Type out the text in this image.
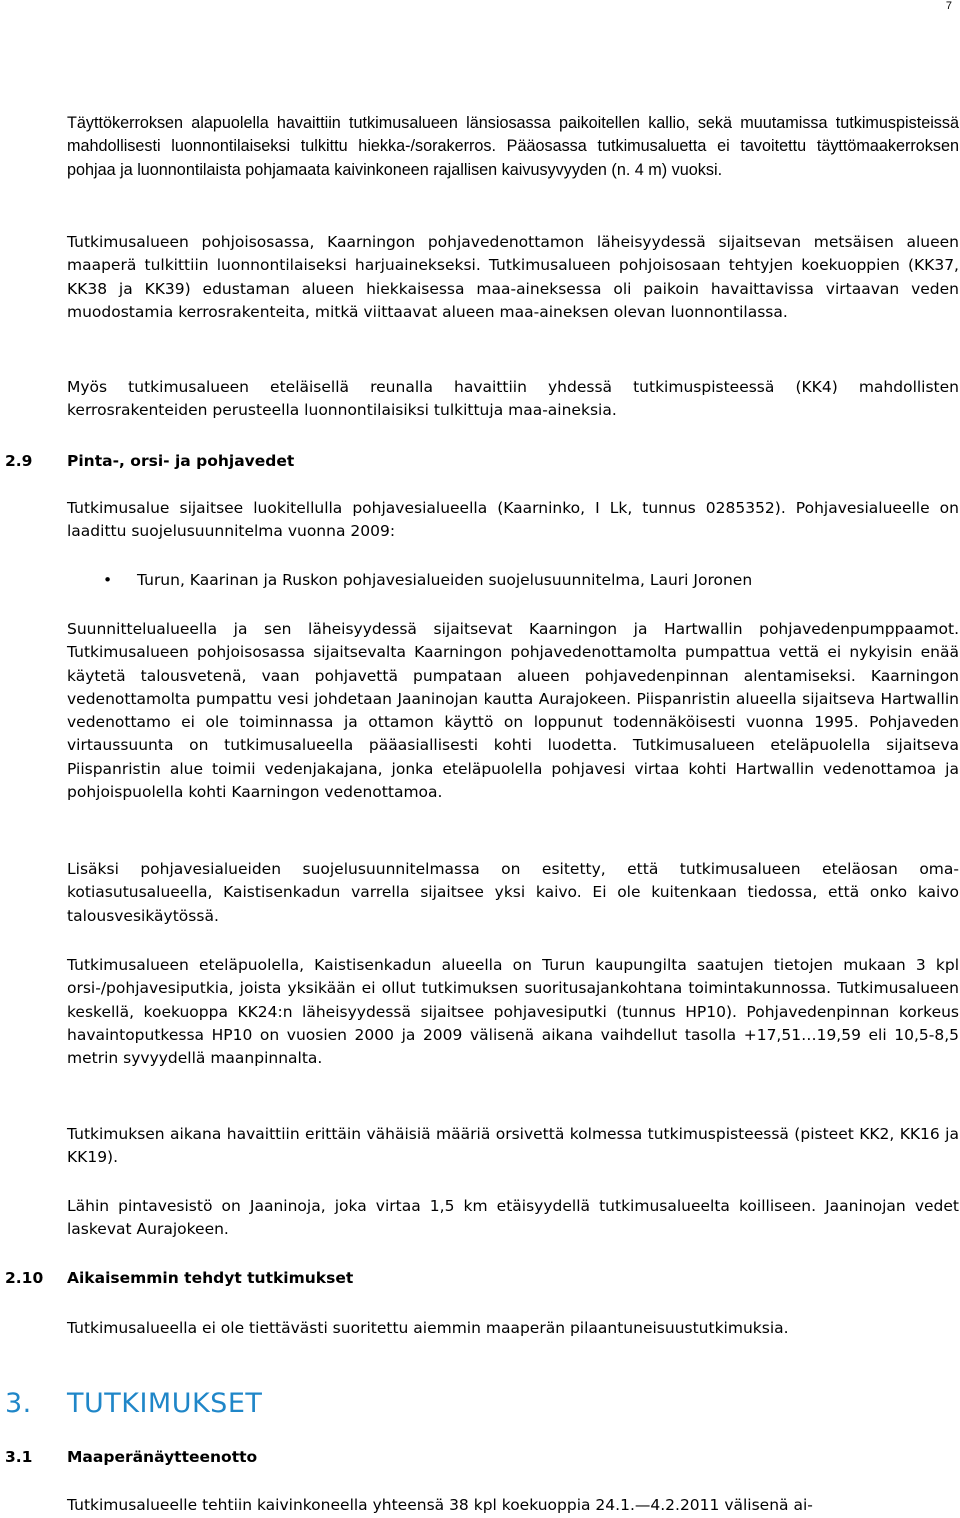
7

Täyttökerroksen alapuolella havaittiin tutkimusalueen länsiosassa paikoitellen kallio, sekä muutamissa tutkimuspisteissä mahdollisesti luonnontilaiseksi tulkittu hiekka-/sorakerros. Pääosassa tutkimusaluetta ei tavoitettu täyttömaakerroksen pohjaa ja luonnontilaista pohjamaata kaivinkoneen rajallisen kaivusyvyyden (n. 4 m) vuoksi.

Tutkimusalueen pohjoisosassa, Kaarningon pohjavedenottamon läheisyydessä sijaitsevan metsäisen alueen maaperä tulkittiin luonnontilaiseksi harjuainekseksi. Tutkimusalueen pohjoisosaan tehtyjen koekuoppien (KK37, KK38 ja KK39) edustaman alueen hiekkaisessa maa-aineksessa oli paikoin havaittavissa virtaavan veden muodostamia kerrosrakenteita, mitkä viittaavat alueen maa-aineksen olevan luonnontilassa.

Myös tutkimusalueen eteläisellä reunalla havaittiin yhdessä tutkimuspisteessä (KK4) mahdollisten kerrosrakenteiden perusteella luonnontilaisiksi tulkittuja maa-aineksia.

2.9	Pinta-, orsi- ja pohjavedet

Tutkimusalue sijaitsee luokitellulla pohjavesialueella (Kaarninko, I Lk, tunnus 0285352). Pohjavesialueelle on laadittu suojelusuunnitelma vuonna 2009:

•	Turun, Kaarinan ja Ruskon pohjavesialueiden suojelusuunnitelma, Lauri Joronen

Suunnittelualueella ja sen läheisyydessä sijaitsevat Kaarningon ja Hartwallin pohjavedenpumppaamot. Tutkimusalueen pohjoisosassa sijaitsevalta Kaarningon pohjavedenottamolta pumpattua vettä ei nykyisin enää käytetä talousvetenä, vaan pohjavettä pumpataan alueen pohjavedenpinnan alentamiseksi. Kaarningon vedenottamolta pumpattu vesi johdetaan Jaaninojan kautta Aurajokeen. Piispanristin alueella sijaitseva Hartwallin vedenottamo ei ole toiminnassa ja ottamon käyttö on loppunut todennäköisesti vuonna 1995. Pohjaveden virtaussuunta on tutkimusalueella pääasiallisesti kohti luodetta. Tutkimusalueen eteläpuolella sijaitseva Piispanristin alue toimii vedenjakajana, jonka eteläpuolella pohjavesi virtaa kohti Hartwallin vedenottamoa ja pohjoispuolella kohti Kaarningon vedenottamoa.

Lisäksi pohjavesialueiden suojelusuunnitelmassa on esitetty, että tutkimusalueen eteläosan omakotiasutusalueella, Kaistisenkadun varrella sijaitsee yksi kaivo. Ei ole kuitenkaan tiedossa, että onko kaivo talousvesikäytössä.

Tutkimusalueen eteläpuolella, Kaistisenkadun alueella on Turun kaupungilta saatujen tietojen mukaan 3 kpl orsi-/pohjavesiputkia, joista yksikään ei ollut tutkimuksen suoritusajankohtana toimintakunnossa. Tutkimusalueen keskellä, koekuoppa KK24:n läheisyydessä sijaitsee pohjavesiputki (tunnus HP10). Pohjavedenpinnan korkeus havaintoputkessa HP10 on vuosien 2000 ja 2009 välisenä aikana vaihdellut tasolla +17,51…19,59 eli 10,5-8,5 metrin syvyydellä maanpinnalta.

Tutkimuksen aikana havaittiin erittäin vähäisiä määriä orsivettä kolmessa tutkimuspisteessä (pisteet KK2, KK16 ja KK19).

Lähin pintavesistö on Jaaninoja, joka virtaa 1,5 km etäisyydellä tutkimusalueelta koilliseen. Jaaninojan vedet laskevat Aurajokeen.

2.10	Aikaisemmin tehdyt tutkimukset

Tutkimusalueella ei ole tiettävästi suoritettu aiemmin maaperän pilaantuneisuustutkimuksia.

3.	TUTKIMUKSET
3.1	Maaperänäytteenotto

Tutkimusalueelle tehtiin kaivinkoneella yhteensä 38 kpl koekuoppia 24.1.—4.2.2011 välisenä ai-
